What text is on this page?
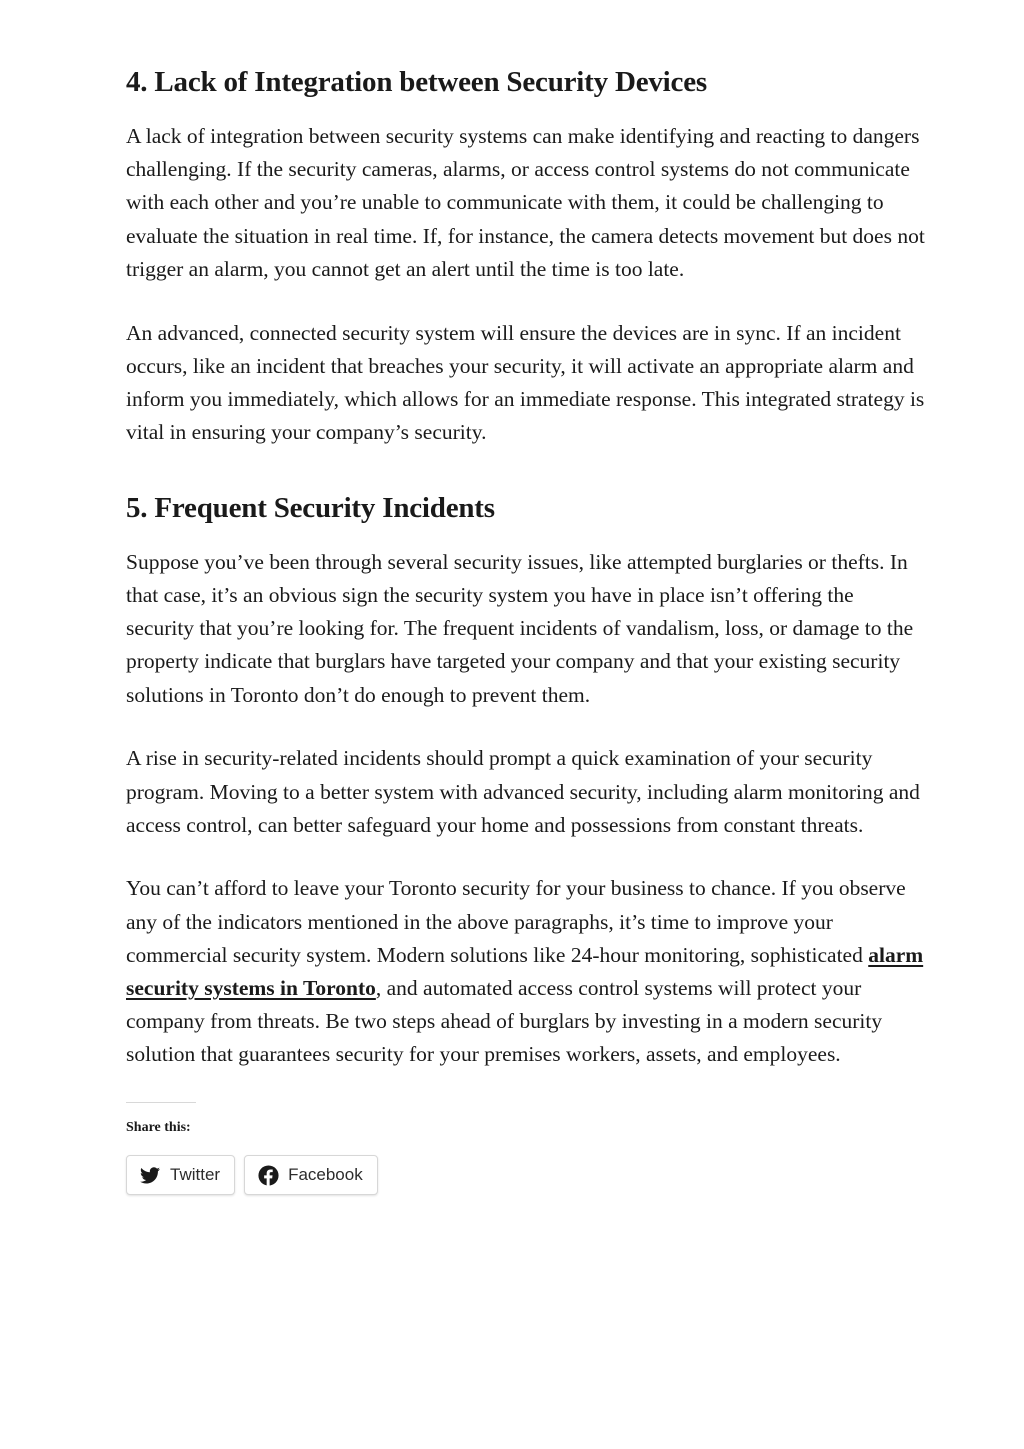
4. Lack of Integration between Security Devices

A lack of integration between security systems can make identifying and reacting to dangers challenging. If the security cameras, alarms, or access control systems do not communicate with each other and you’re unable to communicate with them, it could be challenging to evaluate the situation in real time. If, for instance, the camera detects movement but does not trigger an alarm, you cannot get an alert until the time is too late.

An advanced, connected security system will ensure the devices are in sync. If an incident occurs, like an incident that breaches your security, it will activate an appropriate alarm and inform you immediately, which allows for an immediate response. This integrated strategy is vital in ensuring your company’s security.

5. Frequent Security Incidents

Suppose you’ve been through several security issues, like attempted burglaries or thefts. In that case, it’s an obvious sign the security system you have in place isn’t offering the security that you’re looking for. The frequent incidents of vandalism, loss, or damage to the property indicate that burglars have targeted your company and that your existing security solutions in Toronto don’t do enough to prevent them.

A rise in security-related incidents should prompt a quick examination of your security program. Moving to a better system with advanced security, including alarm monitoring and access control, can better safeguard your home and possessions from constant threats.

You can’t afford to leave your Toronto security for your business to chance. If you observe any of the indicators mentioned in the above paragraphs, it’s time to improve your commercial security system. Modern solutions like 24-hour monitoring, sophisticated alarm security systems in Toronto, and automated access control systems will protect your company from threats. Be two steps ahead of burglars by investing in a modern security solution that guarantees security for your premises workers, assets, and employees.

Share this:
Twitter	Facebook
